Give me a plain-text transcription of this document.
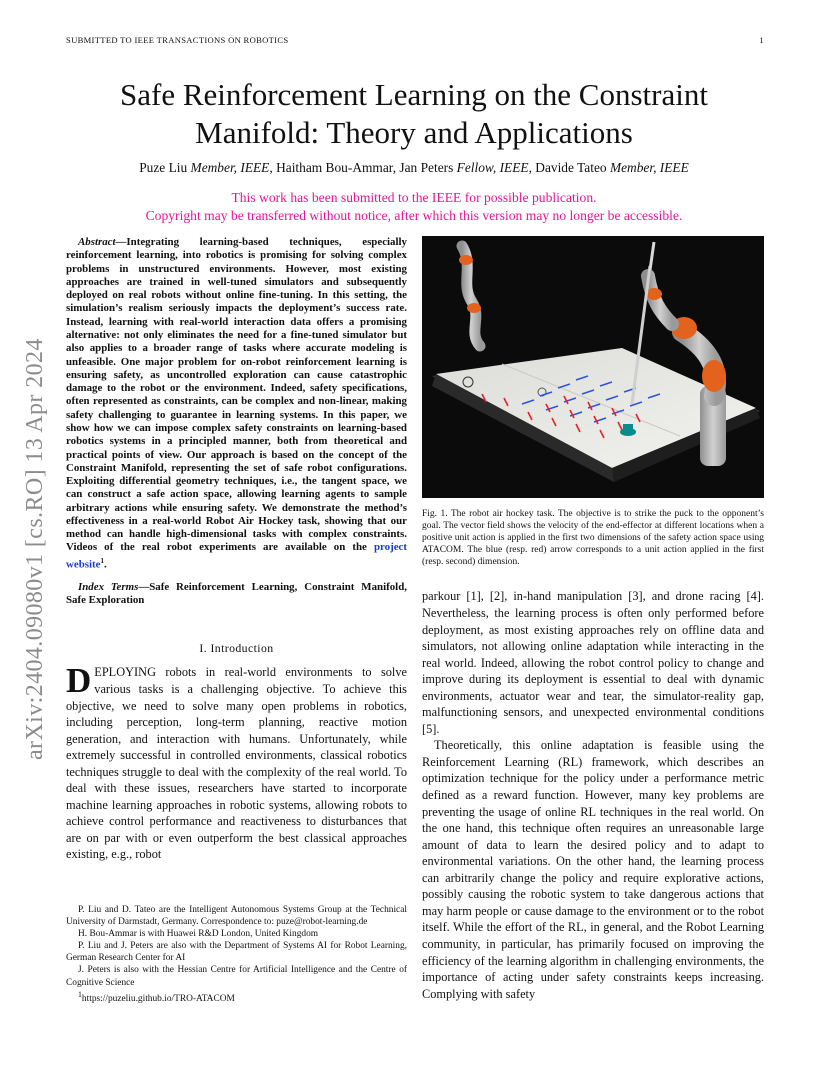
SUBMITTED TO IEEE TRANSACTIONS ON ROBOTICS	1
arXiv:2404.09080v1 [cs.RO] 13 Apr 2024
Safe Reinforcement Learning on the Constraint Manifold: Theory and Applications
Puze Liu Member, IEEE, Haitham Bou-Ammar, Jan Peters Fellow, IEEE, Davide Tateo Member, IEEE
This work has been submitted to the IEEE for possible publication.
Copyright may be transferred without notice, after which this version may no longer be accessible.

Abstract—Integrating learning-based techniques, especially reinforcement learning, into robotics is promising for solving complex problems in unstructured environments. However, most existing approaches are trained in well-tuned simulators and subsequently deployed on real robots without online fine-tuning. In this setting, the simulation’s realism seriously impacts the deployment’s success rate. Instead, learning with real-world interaction data offers a promising alternative: not only eliminates the need for a fine-tuned simulator but also applies to a broader range of tasks where accurate modeling is unfeasible. One major problem for on-robot reinforcement learning is ensuring safety, as uncontrolled exploration can cause catastrophic damage to the robot or the environment. Indeed, safety specifications, often represented as constraints, can be complex and non-linear, making safety challenging to guarantee in learning systems. In this paper, we show how we can impose complex safety constraints on learning-based robotics systems in a principled manner, both from theoretical and practical points of view. Our approach is based on the concept of the Constraint Manifold, representing the set of safe robot configurations. Exploiting differential geometry techniques, i.e., the tangent space, we can construct a safe action space, allowing learning agents to sample arbitrary actions while ensuring safety. We demonstrate the method’s effectiveness in a real-world Robot Air Hockey task, showing that our method can handle high-dimensional tasks with complex constraints. Videos of the real robot experiments are available on the project website$^1$.

Index Terms—Safe Reinforcement Learning, Constraint Manifold, Safe Exploration

I. Introduction

DEPLOYING robots in real-world environments to solve various tasks is a challenging objective. To achieve this objective, we need to solve many open problems in robotics, including perception, long-term planning, reactive motion generation, and interaction with humans. Unfortunately, while extremely successful in controlled environments, classical robotics techniques struggle to deal with the complexity of the real world. To deal with these issues, researchers have started to incorporate machine learning approaches in robotic systems, allowing robots to achieve control performance and reactiveness to disturbances that are on par with or even outperform the best classical approaches existing, e.g., robot

P. Liu and D. Tateo are the Intelligent Autonomous Systems Group at the Technical University of Darmstadt, Germany. Correspondence to: puze@robot-learning.de

H. Bou-Ammar is with Huawei R&D London, United Kingdom

P. Liu and J. Peters are also with the Department of Systems AI for Robot Learning, German Research Center for AI

J. Peters is also with the Hessian Centre for Artificial Intelligence and the Centre of Cognitive Science

$^1$https://puzeliu.github.io/TRO-ATACOM

Fig. 1. The robot air hockey task. The objective is to strike the puck to the opponent’s goal. The vector field shows the velocity of the end-effector at different locations when a positive unit action is applied in the first two dimensions of the safety action space using ATACOM. The blue (resp. red) arrow corresponds to a unit action applied in the first (resp. second) dimension.

parkour [1], [2], in-hand manipulation [3], and drone racing [4]. Nevertheless, the learning process is often only performed before deployment, as most existing approaches rely on offline data and simulators, not allowing online adaptation while interacting in the real world. Indeed, allowing the robot control policy to change and improve during its deployment is essential to deal with dynamic environments, actuator wear and tear, the simulator-reality gap, malfunctioning sensors, and unexpected environmental conditions [5].

Theoretically, this online adaptation is feasible using the Reinforcement Learning (RL) framework, which describes an optimization technique for the policy under a performance metric defined as a reward function. However, many key problems are preventing the usage of online RL techniques in the real world. On the one hand, this technique often requires an unreasonable large amount of data to learn the desired policy and to adapt to environmental variations. On the other hand, the learning process can arbitrarily change the policy and require explorative actions, possibly causing the robotic system to take dangerous actions that may harm people or cause damage to the environment or to the robot itself. While the effort of the RL, in general, and the Robot Learning community, in particular, has primarily focused on improving the efficiency of the learning algorithm in challenging environments, the importance of acting under safety constraints keeps increasing. Complying with safety
